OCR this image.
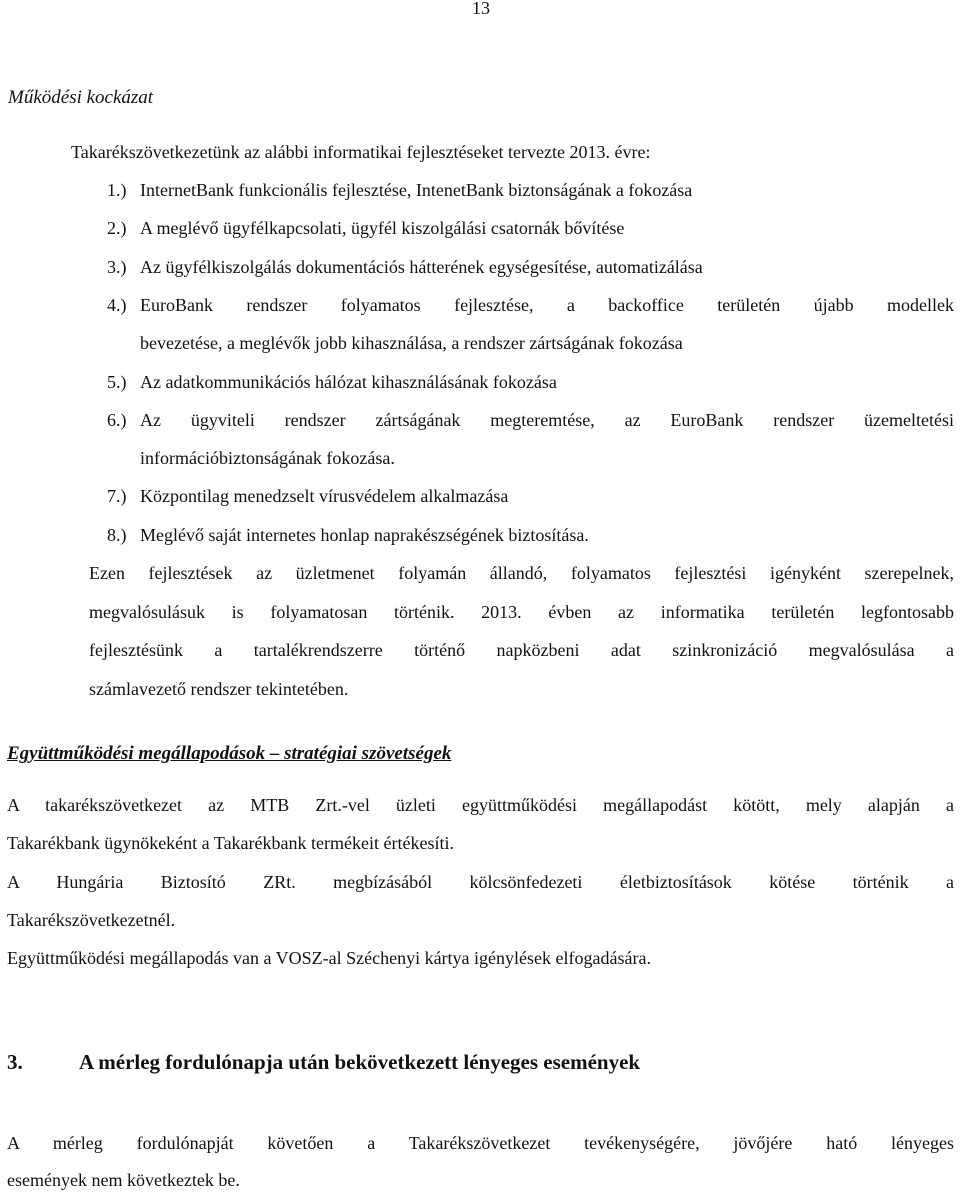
13
Működési kockázat
Takarékszövetkezetünk az alábbi informatikai fejlesztéseket tervezte 2013. évre:
1.) InternetBank funkcionális fejlesztése, IntenetBank biztonságának a fokozása
2.) A meglévő ügyfélkapcsolati, ügyfél kiszolgálási csatornák bővítése
3.) Az ügyfélkiszolgálás dokumentációs hátterének egységesítése, automatizálása
4.) EuroBank rendszer folyamatos fejlesztése, a backoffice területén újabb modellek
bevezetése, a meglévők jobb kihasználása, a rendszer zártságának fokozása
5.) Az adatkommunikációs hálózat kihasználásának fokozása
6.) Az ügyviteli rendszer zártságának megteremtése, az EuroBank rendszer üzemeltetési
információbiztonságának fokozása.
7.) Központilag menedzselt vírusvédelem alkalmazása
8.) Meglévő saját internetes honlap naprakészségének biztosítása.
Ezen fejlesztések az üzletmenet folyamán állandó, folyamatos fejlesztési igényként szerepelnek,
megvalósulásuk is folyamatosan történik. 2013. évben az informatika területén legfontosabb
fejlesztésünk a tartalékrendszerre történő napközbeni adat szinkronizáció megvalósulása a
számlavezető rendszer tekintetében.
Együttműködési megállapodások – stratégiai szövetségek
A takarékszövetkezet az MTB Zrt.-vel üzleti együttműködési megállapodást kötött, mely alapján a
Takarékbank ügynökeként a Takarékbank termékeit értékesíti.
A Hungária Biztosító ZRt. megbízásából kölcsönfedezeti életbiztosítások kötése történik a
Takarékszövetkezetnél.
Együttműködési megállapodás van a VOSZ-al Széchenyi kártya igénylések elfogadására.
3.	A mérleg fordulónapja után bekövetkezett lényeges események
A mérleg fordulónapját követően a Takarékszövetkezet tevékenységére, jövőjére ható lényeges
események nem következtek be.
